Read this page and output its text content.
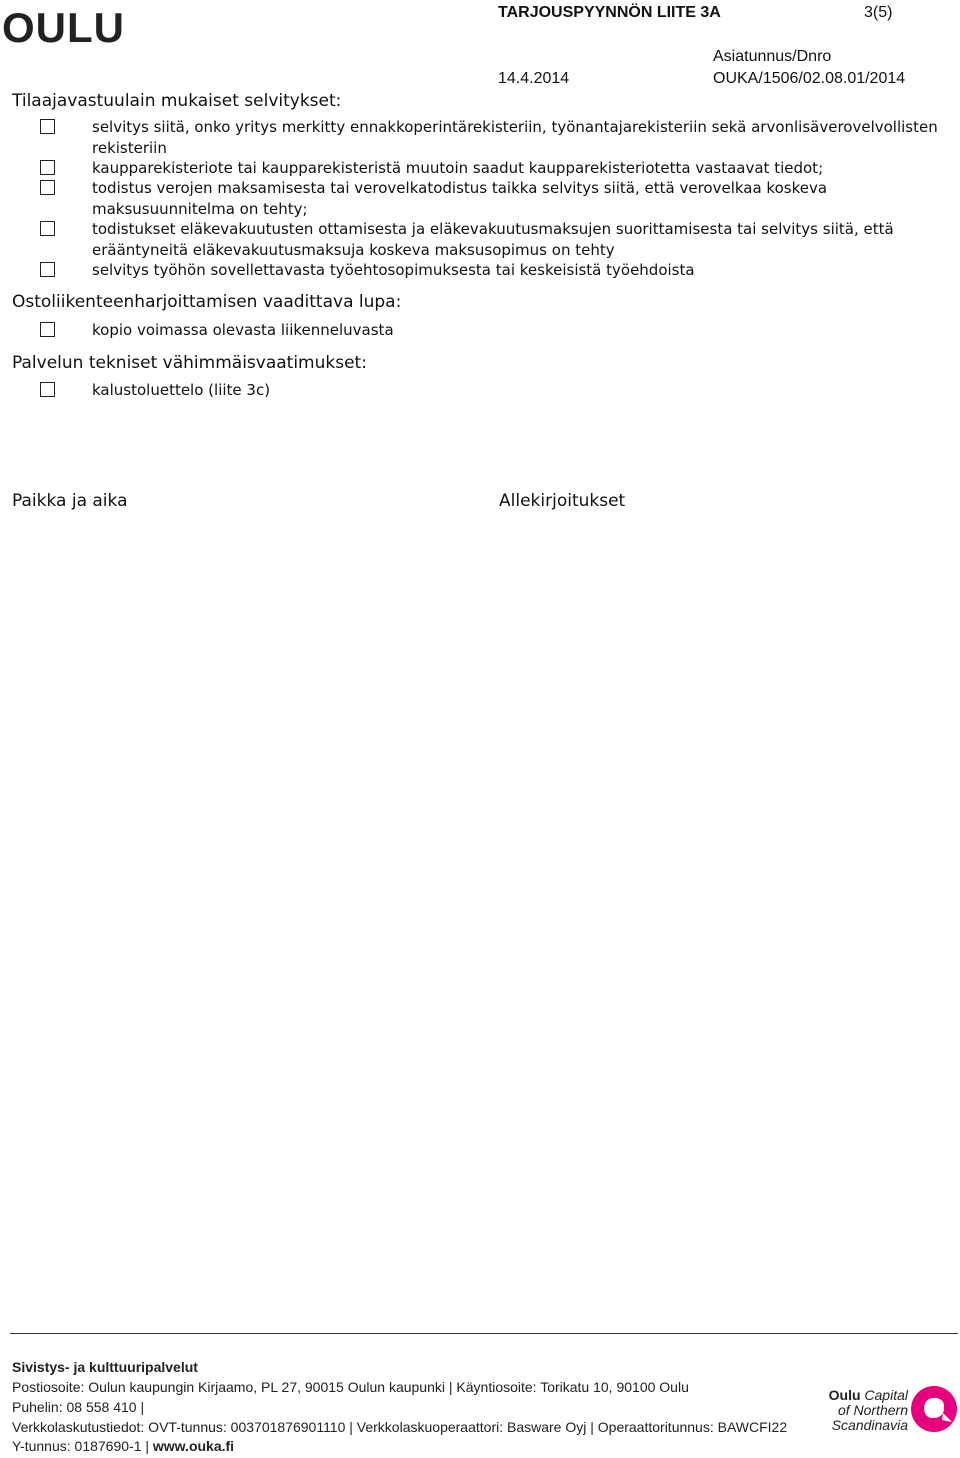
OULU	TARJOUSPYYNNÖN LIITE 3A	3(5)
Asiatunnus/Dnro
14.4.2014	OUKA/1506/02.08.01/2014
Tilaajavastuulain mukaiset selvitykset:
selvitys siitä, onko yritys merkitty ennakkoperintärekisteriin, työnantajarekisteriin sekä arvonlisäverovelvollisten rekisteriin
kaupparekisteriote tai kaupparekisteristä muutoin saadut kaupparekisteriotetta vastaavat tiedot;
todistus verojen maksamisesta tai verovelkatodistus taikka selvitys siitä, että verovelkaa koskeva maksusuunnitelma on tehty;
todistukset eläkevakuutusten ottamisesta ja eläkevakuutusmaksujen suorittamisesta tai selvitys siitä, että erääntyneitä eläkevakuutusmaksuja koskeva maksusopimus on tehty
selvitys työhön sovellettavasta työehtosopimuksesta tai keskeisistä työehdoista
Ostoliikenteenharjoittamisen vaadittava lupa:
kopio voimassa olevasta liikenneluvasta
Palvelun tekniset vähimmäisvaatimukset:
kalustoluettelo (liite 3c)
Paikka ja aika	Allekirjoitukset
Sivistys- ja kulttuuripalvelut
Postiosoite: Oulun kaupungin Kirjaamo, PL 27, 90015 Oulun kaupunki | Käyntiosoite: Torikatu 10, 90100 Oulu
Puhelin: 08 558 410 |
Verkkolaskutustiedot: OVT-tunnus: 003701876901110 | Verkkolaskuoperaattori: Basware Oyj | Operaattoritunnus: BAWCFI22
Y-tunnus: 0187690-1 | www.ouka.fi
Oulu Capital
of Northern
Scandinavia
